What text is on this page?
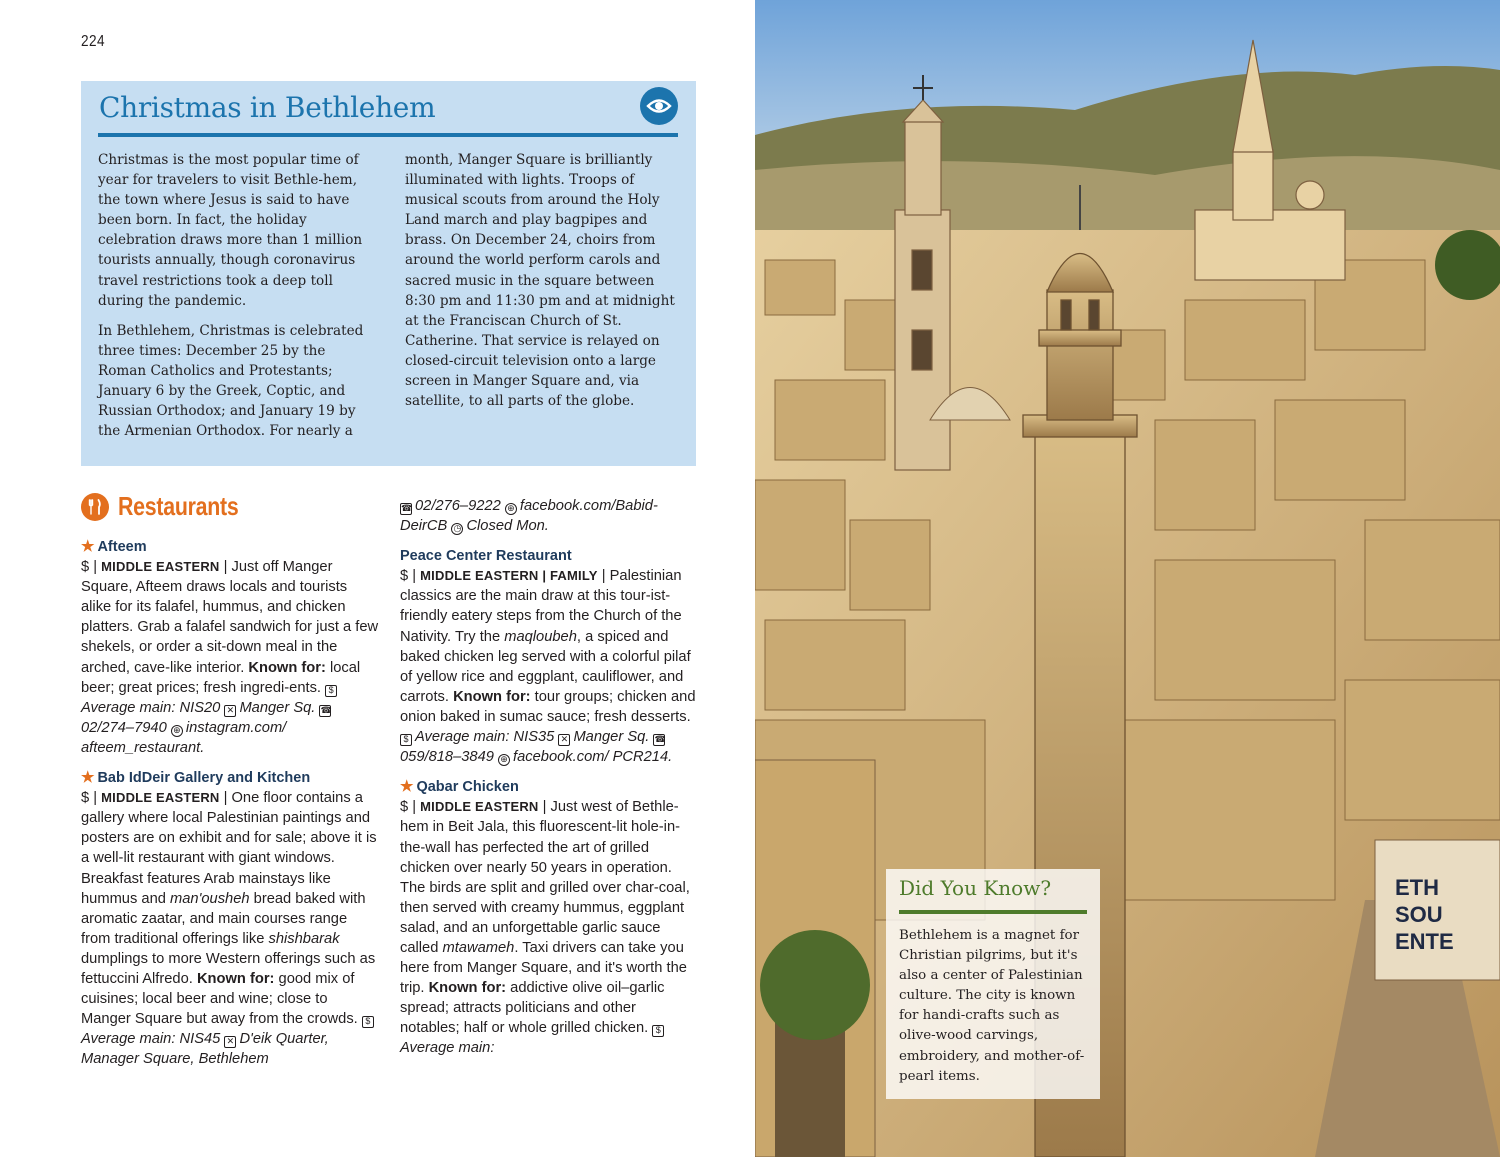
224
Christmas in Bethlehem

Christmas is the most popular time of year for travelers to visit Bethle-hem, the town where Jesus is said to have been born. In fact, the holiday celebration draws more than 1 million tourists annually, though coronavirus travel restrictions took a deep toll during the pandemic.

In Bethlehem, Christmas is celebrated three times: December 25 by the Roman Catholics and Protestants; January 6 by the Greek, Coptic, and Russian Orthodox; and January 19 by the Armenian Orthodox. For nearly a

month, Manger Square is brilliantly illuminated with lights. Troops of musical scouts from around the Holy Land march and play bagpipes and brass. On December 24, choirs from around the world perform carols and sacred music in the square between 8:30 pm and 11:30 pm and at midnight at the Franciscan Church of St. Catherine. That service is relayed on closed-circuit television onto a large screen in Manger Square and, via satellite, to all parts of the globe.

Restaurants
★ Afteem
$ | MIDDLE EASTERN | Just off Manger Square, Afteem draws locals and tourists alike for its falafel, hummus, and chicken platters. Grab a falafel sandwich for just a few shekels, or order a sit-down meal in the arched, cave-like interior. Known for: local beer; great prices; fresh ingredi-ents. $Average main: NIS20 ✕ Manger Sq. ☎02/274–7940 ⊕ instagram.com/ afteem_restaurant.
★ Bab IdDeir Gallery and Kitchen
$ | MIDDLE EASTERN | One floor contains a gallery where local Palestinian paintings and posters are on exhibit and for sale; above it is a well-lit restaurant with giant windows. Breakfast features Arab mainstays like hummus and man'ousheh bread baked with aromatic zaatar, and main courses range from traditional offerings like shishbarak dumplings to more Western offerings such as fettuccini Alfredo. Known for: good mix of cuisines; local beer and wine; close to Manger Square but away from the crowds. $Average main: NIS45 ✕ D'eik Quarter, Manager Square, Bethlehem
☎ 02/276–9222 ⊕ facebook.com/Babid-DeirCB ◷ Closed Mon.
Peace Center Restaurant
$ | MIDDLE EASTERN | FAMILY | Palestinian classics are the main draw at this tour-ist-friendly eatery steps from the Church of the Nativity. Try the maqloubeh, a spiced and baked chicken leg served with a colorful pilaf of yellow rice and eggplant, cauliflower, and carrots. Known for: tour groups; chicken and onion baked in sumac sauce; fresh desserts. $ Average main: NIS35 ✕ Manger Sq. ☎059/818–3849 ⊕ facebook.com/ PCR214.
★ Qabar Chicken
$ | MIDDLE EASTERN | Just west of Bethle-hem in Beit Jala, this fluorescent-lit hole-in-the-wall has perfected the art of grilled chicken over nearly 50 years in operation. The birds are split and grilled over char-coal, then served with creamy hummus, eggplant salad, and an unforgettable garlic sauce called mtawameh. Taxi drivers can take you here from Manger Square, and it's worth the trip. Known for: addictive olive oil–garlic spread; attracts politicians and other notables; half or whole grilled chicken. $Average main:
ETH
SOU
ENTE
Did You Know?
Bethlehem is a magnet for Christian pilgrims, but it's also a center of Palestinian culture. The city is known for handi-crafts such as olive-wood carvings, embroidery, and mother-of-pearl items.
